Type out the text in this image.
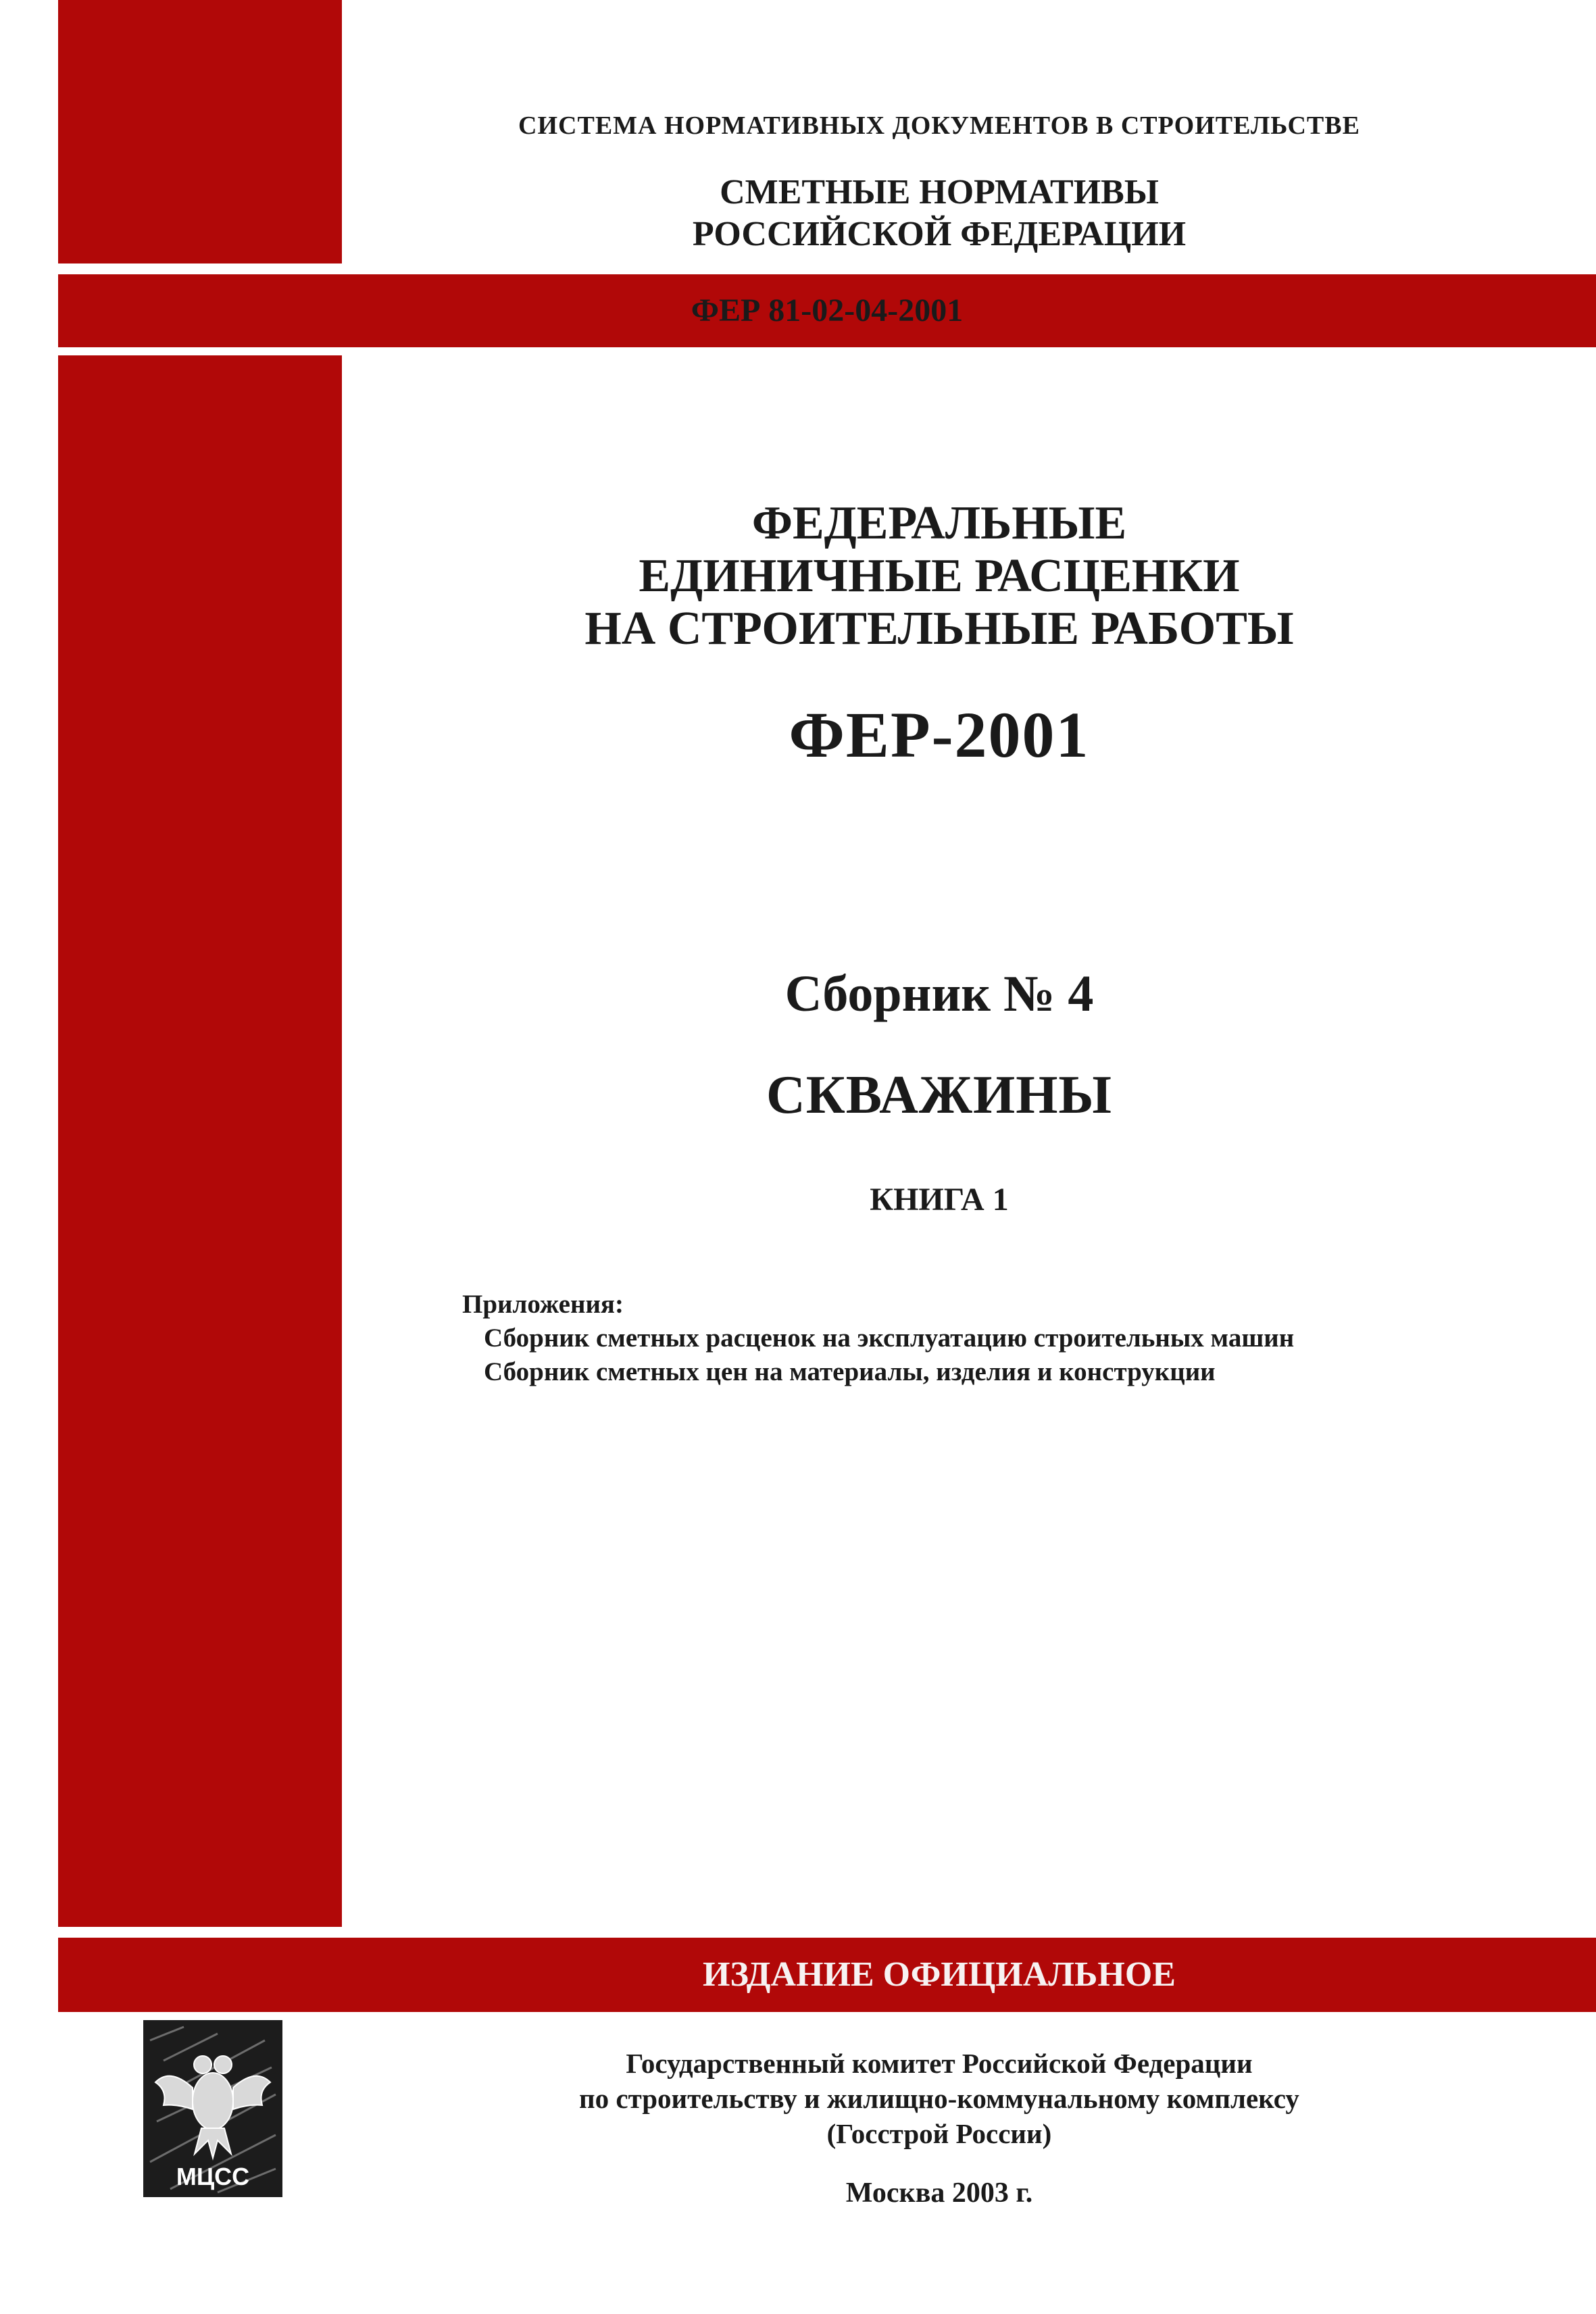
СИСТЕМА НОРМАТИВНЫХ ДОКУМЕНТОВ В СТРОИТЕЛЬСТВЕ
СМЕТНЫЕ НОРМАТИВЫ
РОССИЙСКОЙ ФЕДЕРАЦИИ
ФЕР 81-02-04-2001
ФЕДЕРАЛЬНЫЕ
ЕДИНИЧНЫЕ РАСЦЕНКИ
НА СТРОИТЕЛЬНЫЕ РАБОТЫ
ФЕР-2001
Сборник № 4
СКВАЖИНЫ
КНИГА 1
Приложения:
Сборник сметных расценок на эксплуатацию строительных машин
Сборник сметных цен на материалы, изделия и конструкции
ИЗДАНИЕ ОФИЦИАЛЬНОЕ
МЦСС
Государственный комитет Российской Федерации
по строительству и жилищно-коммунальному комплексу
(Госстрой России)
Москва 2003 г.
